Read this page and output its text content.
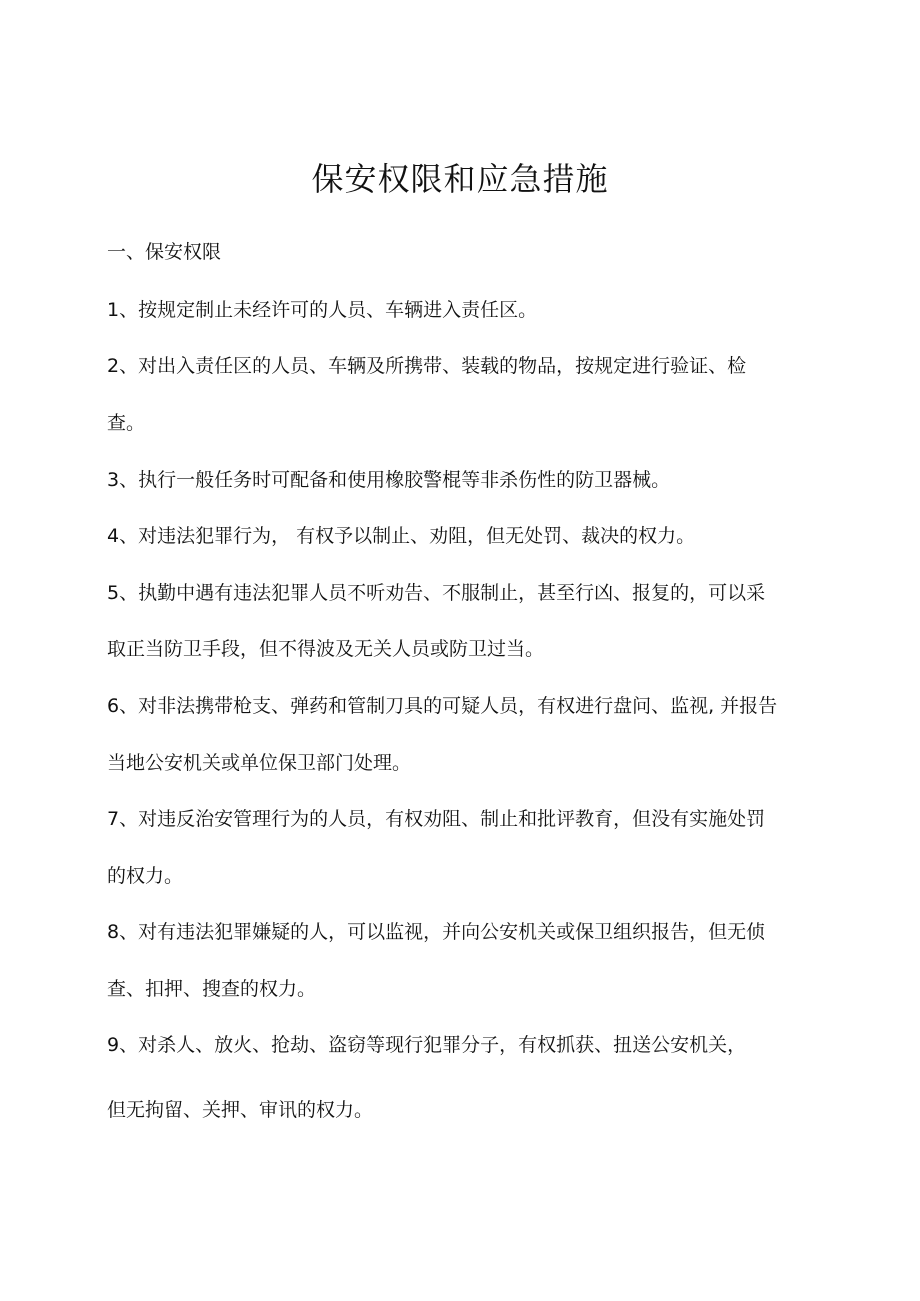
保安权限和应急措施

一、保安权限

1、按规定制止未经许可的人员、车辆进入责任区。

2、对出入责任区的人员、车辆及所携带、装载的物品，按规定进行验证、检

查。

3、执行一般任务时可配备和使用橡胶警棍等非杀伤性的防卫器械。

4、对违法犯罪行为， 有权予以制止、劝阻，但无处罚、裁决的权力。

5、执勤中遇有违法犯罪人员不听劝告、不服制止，甚至行凶、报复的，可以采

取正当防卫手段，但不得波及无关人员或防卫过当。

6、对非法携带枪支、弹药和管制刀具的可疑人员，有权进行盘问、监视, 并报告

当地公安机关或单位保卫部门处理。

7、对违反治安管理行为的人员，有权劝阻、制止和批评教育，但没有实施处罚

的权力。

8、对有违法犯罪嫌疑的人，可以监视，并向公安机关或保卫组织报告，但无侦

查、扣押、搜查的权力。

9、对杀人、放火、抢劫、盗窃等现行犯罪分子，有权抓获、扭送公安机关，

但无拘留、关押、审讯的权力。
